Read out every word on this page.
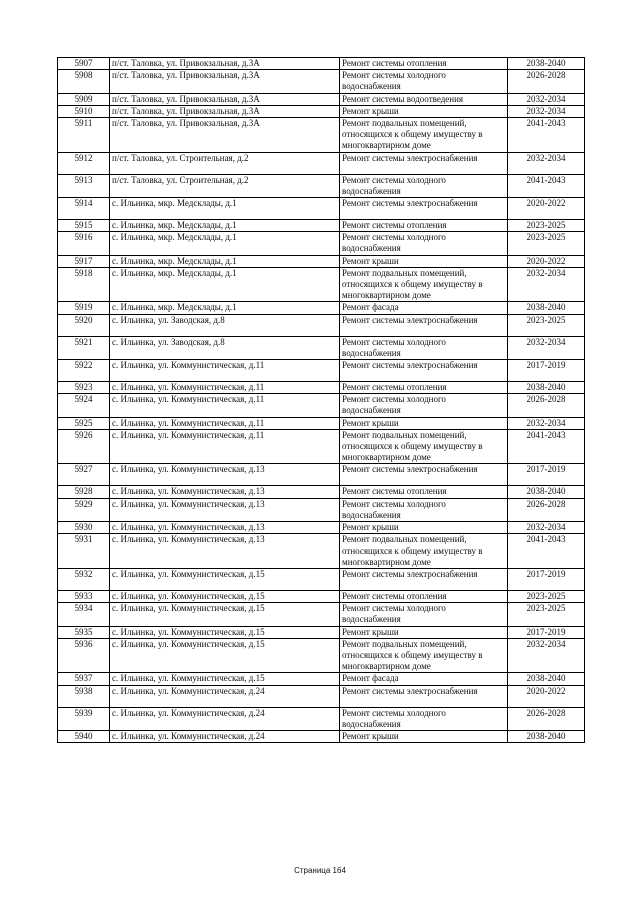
5907	п/ст. Таловка, ул. Привокзальная, д.3А	Ремонт системы отопления	2038-2040
5908	п/ст. Таловка, ул. Привокзальная, д.3А	Ремонт системы холодного водоснабжения	2026-2028
5909	п/ст. Таловка, ул. Привокзальная, д.3А	Ремонт системы водоотведения	2032-2034
5910	п/ст. Таловка, ул. Привокзальная, д.3А	Ремонт крыши	2032-2034
5911	п/ст. Таловка, ул. Привокзальная, д.3А	Ремонт подвальных помещений, относящихся к общему имуществу в многоквартирном доме	2041-2043
5912	п/ст. Таловка, ул. Строительная, д.2	Ремонт системы электроснабжения	2032-2034
5913	п/ст. Таловка, ул. Строительная, д.2	Ремонт системы холодного водоснабжения	2041-2043
5914	с. Ильинка, мкр. Медсклады, д.1	Ремонт системы электроснабжения	2020-2022
5915	с. Ильинка, мкр. Медсклады, д.1	Ремонт системы отопления	2023-2025
5916	с. Ильинка, мкр. Медсклады, д.1	Ремонт системы холодного водоснабжения	2023-2025
5917	с. Ильинка, мкр. Медсклады, д.1	Ремонт крыши	2020-2022
5918	с. Ильинка, мкр. Медсклады, д.1	Ремонт подвальных помещений, относящихся к общему имуществу в многоквартирном доме	2032-2034
5919	с. Ильинка, мкр. Медсклады, д.1	Ремонт фасада	2038-2040
5920	с. Ильинка, ул. Заводская, д.8	Ремонт системы электроснабжения	2023-2025
5921	с. Ильинка, ул. Заводская, д.8	Ремонт системы холодного водоснабжения	2032-2034
5922	с. Ильинка, ул. Коммунистическая, д.11	Ремонт системы электроснабжения	2017-2019
5923	с. Ильинка, ул. Коммунистическая, д.11	Ремонт системы отопления	2038-2040
5924	с. Ильинка, ул. Коммунистическая, д.11	Ремонт системы холодного водоснабжения	2026-2028
5925	с. Ильинка, ул. Коммунистическая, д.11	Ремонт крыши	2032-2034
5926	с. Ильинка, ул. Коммунистическая, д.11	Ремонт подвальных помещений, относящихся к общему имуществу в многоквартирном доме	2041-2043
5927	с. Ильинка, ул. Коммунистическая, д.13	Ремонт системы электроснабжения	2017-2019
5928	с. Ильинка, ул. Коммунистическая, д.13	Ремонт системы отопления	2038-2040
5929	с. Ильинка, ул. Коммунистическая, д.13	Ремонт системы холодного водоснабжения	2026-2028
5930	с. Ильинка, ул. Коммунистическая, д.13	Ремонт крыши	2032-2034
5931	с. Ильинка, ул. Коммунистическая, д.13	Ремонт подвальных помещений, относящихся к общему имуществу в многоквартирном доме	2041-2043
5932	с. Ильинка, ул. Коммунистическая, д.15	Ремонт системы электроснабжения	2017-2019
5933	с. Ильинка, ул. Коммунистическая, д.15	Ремонт системы отопления	2023-2025
5934	с. Ильинка, ул. Коммунистическая, д.15	Ремонт системы холодного водоснабжения	2023-2025
5935	с. Ильинка, ул. Коммунистическая, д.15	Ремонт крыши	2017-2019
5936	с. Ильинка, ул. Коммунистическая, д.15	Ремонт подвальных помещений, относящихся к общему имуществу в многоквартирном доме	2032-2034
5937	с. Ильинка, ул. Коммунистическая, д.15	Ремонт фасада	2038-2040
5938	с. Ильинка, ул. Коммунистическая, д.24	Ремонт системы электроснабжения	2020-2022
5939	с. Ильинка, ул. Коммунистическая, д.24	Ремонт системы холодного водоснабжения	2026-2028
5940	с. Ильинка, ул. Коммунистическая, д.24	Ремонт крыши	2038-2040
Страница 164
